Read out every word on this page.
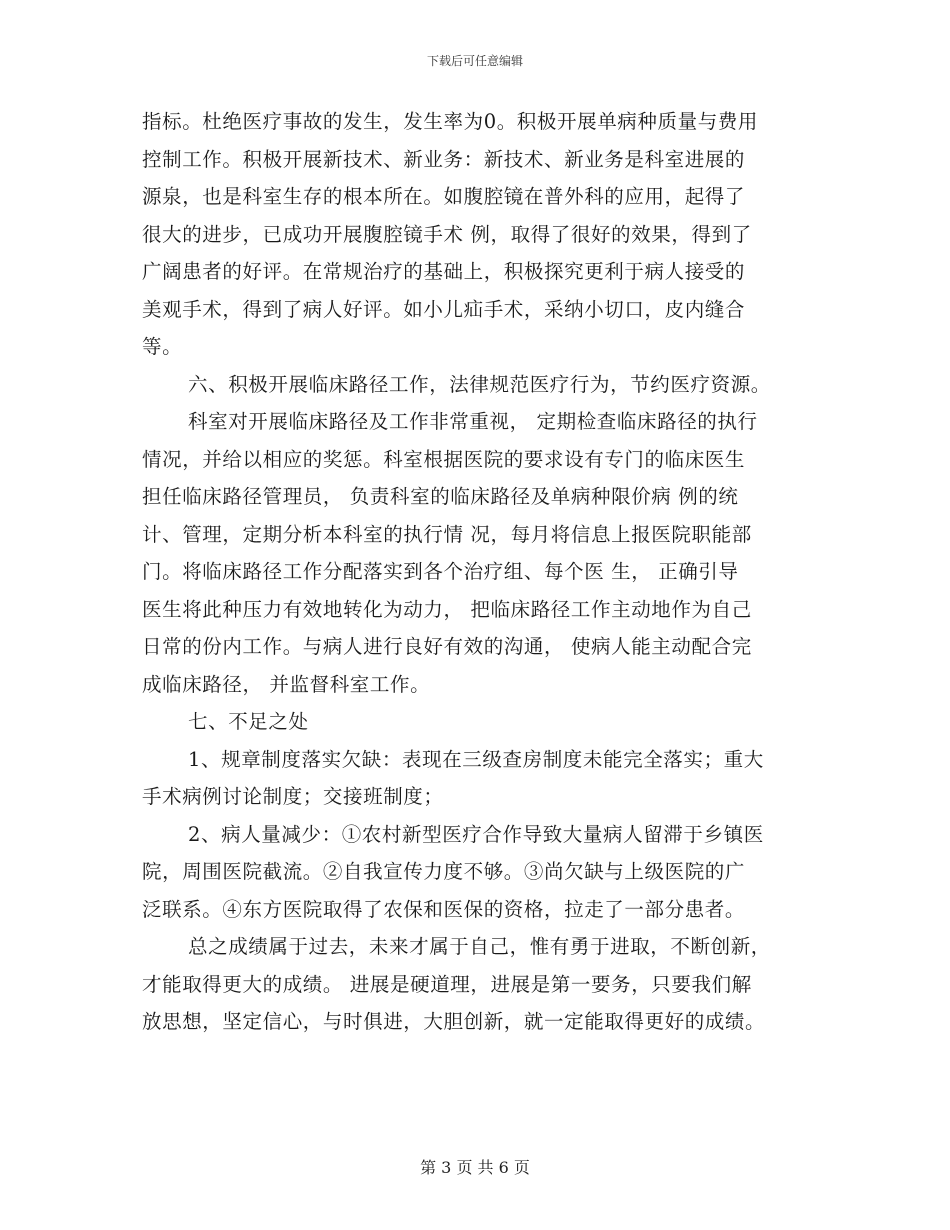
下载后可任意编辑
指标。杜绝医疗事故的发生，发生率为0。积极开展单病种质量与费用
控制工作。积极开展新技术、新业务：新技术、新业务是科室进展的
源泉，也是科室生存的根本所在。如腹腔镜在普外科的应用，起得了
很大的进步，已成功开展腹腔镜手术 例，取得了很好的效果，得到了
广阔患者的好评。在常规治疗的基础上，积极探究更利于病人接受的
美观手术，得到了病人好评。如小儿疝手术，采纳小切口，皮内缝合
等。
六、积极开展临床路径工作，法律规范医疗行为，节约医疗资源。
科室对开展临床路径及工作非常重视， 定期检查临床路径的执行
情况，并给以相应的奖惩。科室根据医院的要求设有专门的临床医生
担任临床路径管理员， 负责科室的临床路径及单病种限价病 例的统
计、管理，定期分析本科室的执行情 况，每月将信息上报医院职能部
门。将临床路径工作分配落实到各个治疗组、每个医 生， 正确引导
医生将此种压力有效地转化为动力， 把临床路径工作主动地作为自己
日常的份内工作。与病人进行良好有效的沟通， 使病人能主动配合完
成临床路径， 并监督科室工作。
七、不足之处
1、规章制度落实欠缺：表现在三级查房制度未能完全落实；重大
手术病例讨论制度；交接班制度；
2、病人量减少：①农村新型医疗合作导致大量病人留滞于乡镇医
院，周围医院截流。②自我宣传力度不够。③尚欠缺与上级医院的广
泛联系。④东方医院取得了农保和医保的资格，拉走了一部分患者。
总之成绩属于过去，未来才属于自己，惟有勇于进取，不断创新，
才能取得更大的成绩。 进展是硬道理，进展是第一要务，只要我们解
放思想，坚定信心，与时俱进，大胆创新，就一定能取得更好的成绩。
第 3 页 共 6 页
